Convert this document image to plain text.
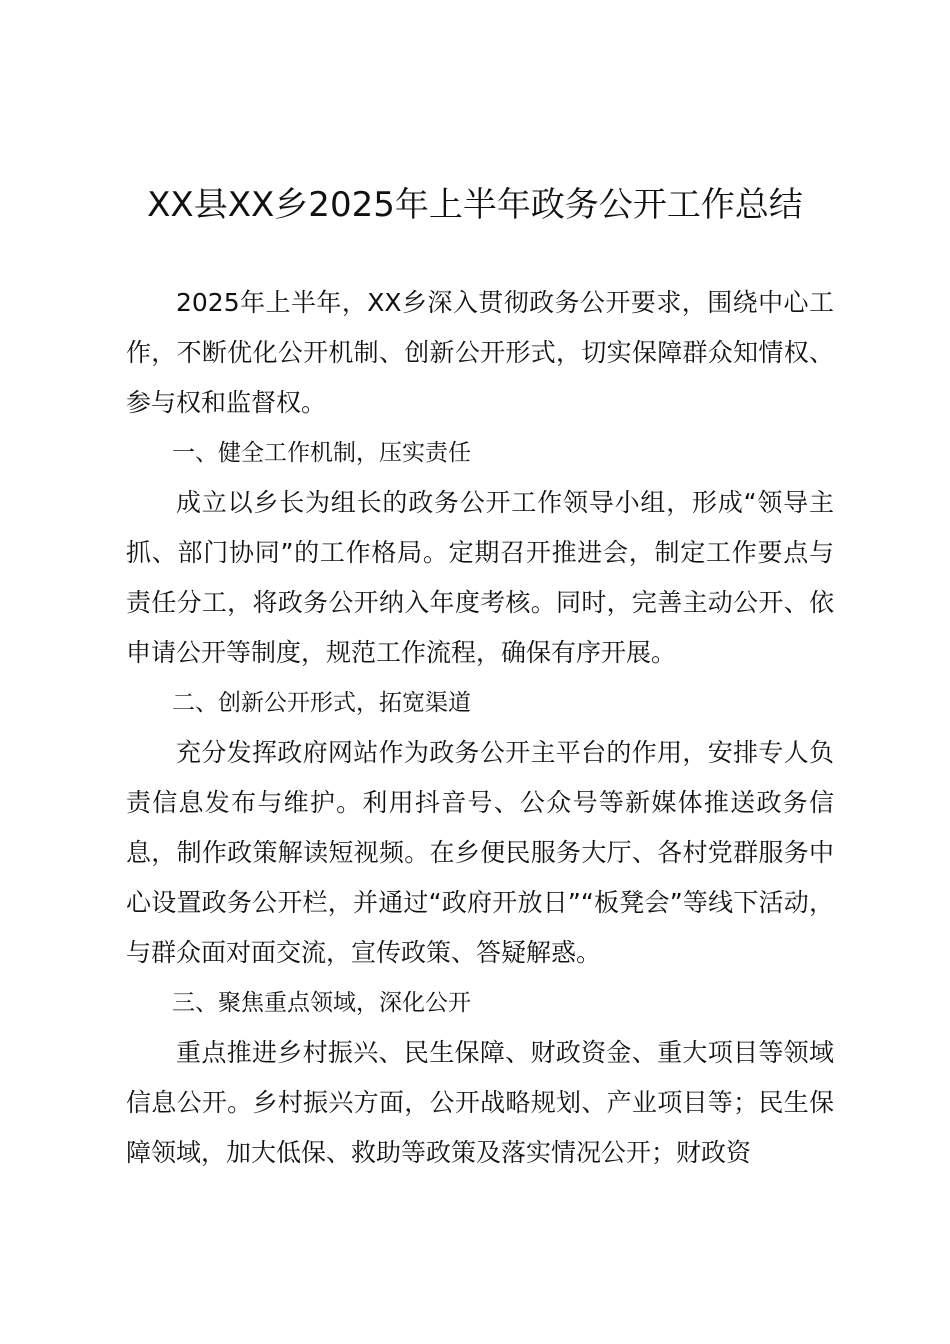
XX县XX乡2025年上半年政务公开工作总结

2025年上半年，XX乡深入贯彻政务公开要求，围绕中心工作，不断优化公开机制、创新公开形式，切实保障群众知情权、参与权和监督权。

一、健全工作机制，压实责任

成立以乡长为组长的政务公开工作领导小组，形成“领导主抓、部门协同”的工作格局。定期召开推进会，制定工作要点与责任分工，将政务公开纳入年度考核。同时，完善主动公开、依申请公开等制度，规范工作流程，确保有序开展。

二、创新公开形式，拓宽渠道

充分发挥政府网站作为政务公开主平台的作用，安排专人负责信息发布与维护。利用抖音号、公众号等新媒体推送政务信息，制作政策解读短视频。在乡便民服务大厅、各村党群服务中心设置政务公开栏，并通过“政府开放日”“板凳会”等线下活动，与群众面对面交流，宣传政策、答疑解惑。

三、聚焦重点领域，深化公开

重点推进乡村振兴、民生保障、财政资金、重大项目等领域信息公开。乡村振兴方面，公开战略规划、产业项目等；民生保障领域，加大低保、救助等政策及落实情况公开；财政资
